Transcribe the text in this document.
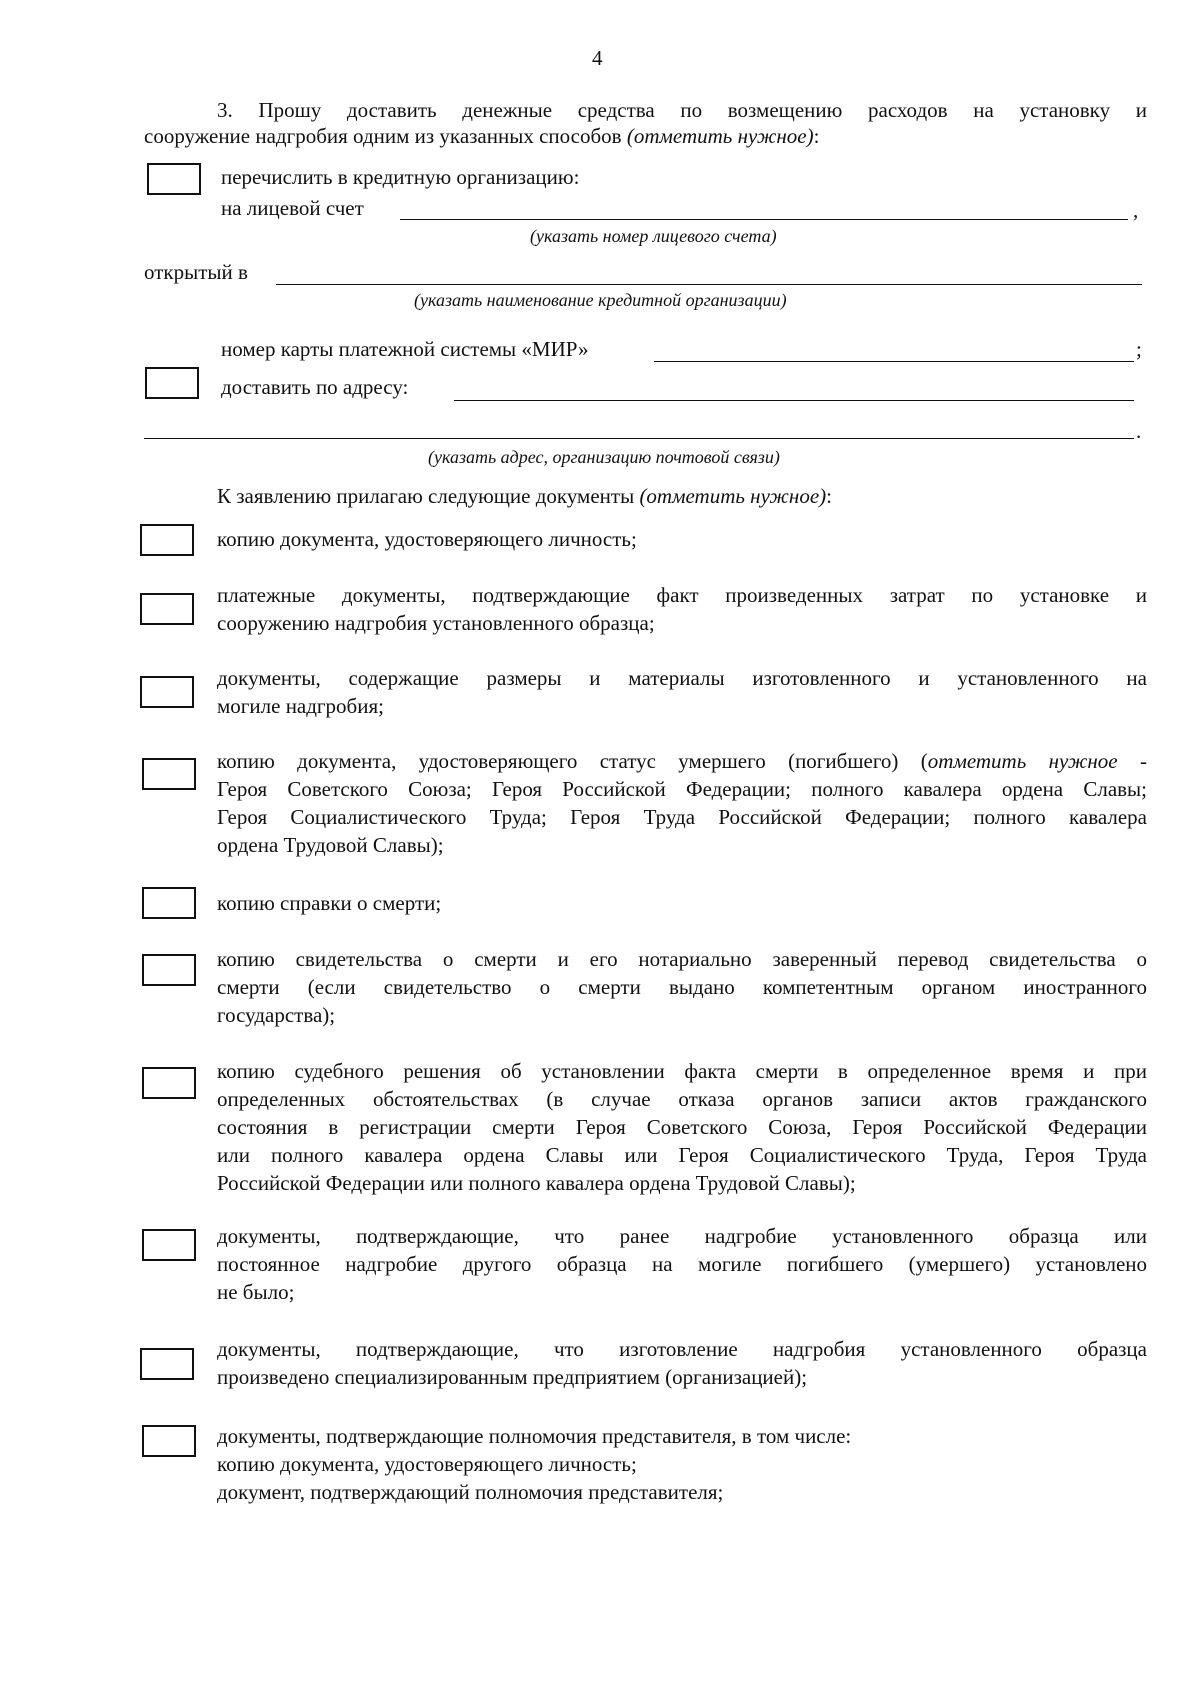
4
3. Прошу доставить денежные средства по возмещению расходов на установку и
сооружение надгробия одним из указанных способов (отметить нужное):
перечислить в кредитную организацию:
на лицевой счет	,
(указать номер лицевого счета)
открытый в
(указать наименование кредитной организации)
номер карты платежной системы «МИР»	;
доставить по адресу:
.
(указать адрес, организацию почтовой связи)
К заявлению прилагаю следующие документы (отметить нужное):
копию документа, удостоверяющего личность;
платежные документы, подтверждающие факт произведенных затрат по установке и
сооружению надгробия установленного образца;
документы, содержащие размеры и материалы изготовленного и установленного на
могиле надгробия;
копию документа, удостоверяющего статус умершего (погибшего) (отметить нужное -
Героя Советского Союза; Героя Российской Федерации; полного кавалера ордена Славы;
Героя Социалистического Труда; Героя Труда Российской Федерации; полного кавалера
ордена Трудовой Славы);
копию справки о смерти;
копию свидетельства о смерти и его нотариально заверенный перевод свидетельства о
смерти (если свидетельство о смерти выдано компетентным органом иностранного
государства);
копию судебного решения об установлении факта смерти в определенное время и при
определенных обстоятельствах (в случае отказа органов записи актов гражданского
состояния в регистрации смерти Героя Советского Союза, Героя Российской Федерации
или полного кавалера ордена Славы или Героя Социалистического Труда, Героя Труда
Российской Федерации или полного кавалера ордена Трудовой Славы);
документы, подтверждающие, что ранее надгробие установленного образца или
постоянное надгробие другого образца на могиле погибшего (умершего) установлено
не было;
документы, подтверждающие, что изготовление надгробия установленного образца
произведено специализированным предприятием (организацией);
документы, подтверждающие полномочия представителя, в том числе:
копию документа, удостоверяющего личность;
документ, подтверждающий полномочия представителя;
